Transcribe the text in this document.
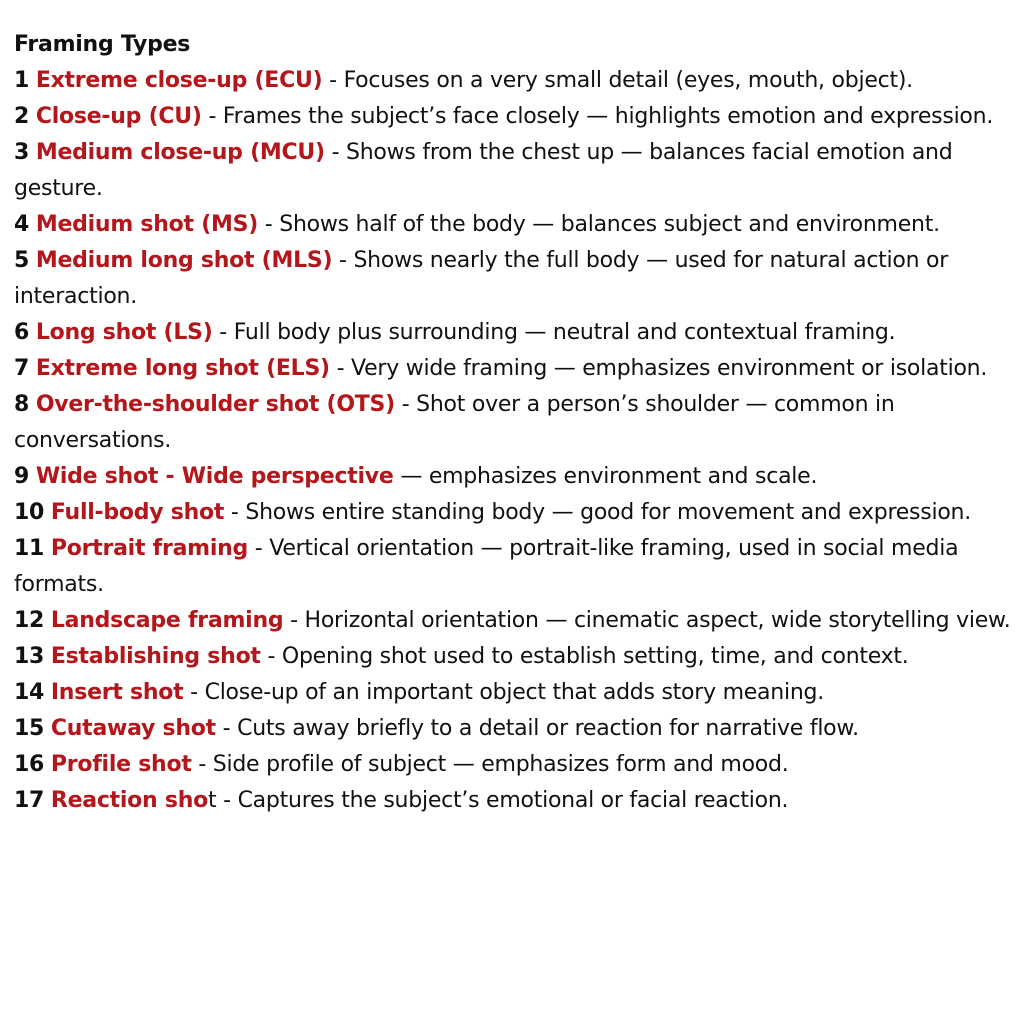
Framing Types
1 Extreme close-up (ECU) - Focuses on a very small detail (eyes, mouth, object).
2 Close-up (CU) - Frames the subject’s face closely — highlights emotion and expression.
3 Medium close-up (MCU) - Shows from the chest up — balances facial emotion and gesture.
4 Medium shot (MS) - Shows half of the body — balances subject and environment.
5 Medium long shot (MLS) - Shows nearly the full body — used for natural action or interaction.
6 Long shot (LS) - Full body plus surrounding — neutral and contextual framing.
7 Extreme long shot (ELS) - Very wide framing — emphasizes environment or isolation.
8 Over-the-shoulder shot (OTS) - Shot over a person’s shoulder — common in conversations.
9 Wide shot - Wide perspective — emphasizes environment and scale.
10 Full-body shot - Shows entire standing body — good for movement and expression.
11 Portrait framing - Vertical orientation — portrait-like framing, used in social media formats.
12 Landscape framing - Horizontal orientation — cinematic aspect, wide storytelling view.
13 Establishing shot - Opening shot used to establish setting, time, and context.
14 Insert shot - Close-up of an important object that adds story meaning.
15 Cutaway shot - Cuts away briefly to a detail or reaction for narrative flow.
16 Profile shot - Side profile of subject — emphasizes form and mood.
17 Reaction shot - Captures the subject’s emotional or facial reaction.
